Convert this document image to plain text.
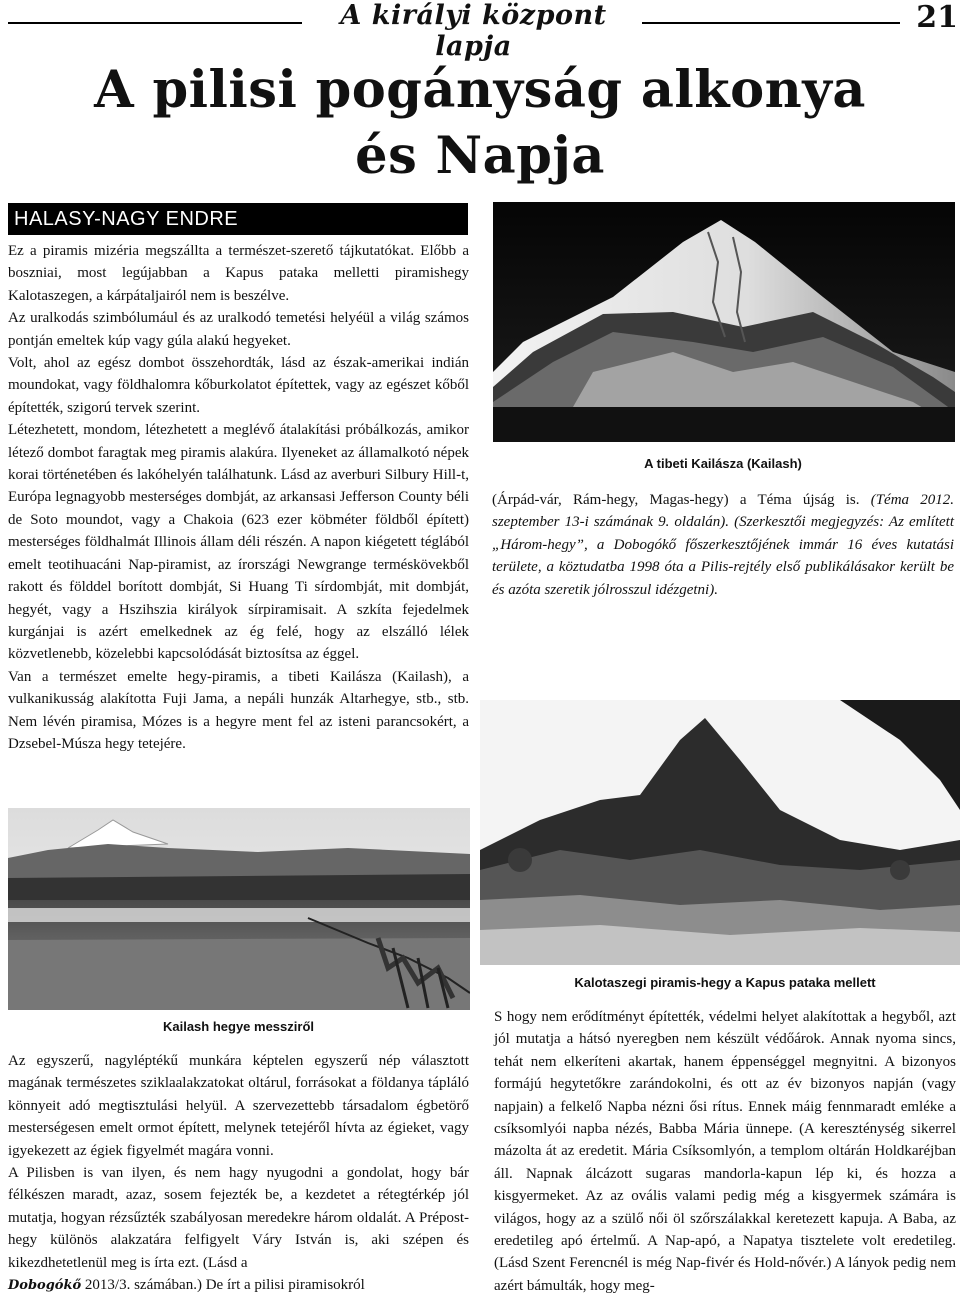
A királyi központ lapja
21
A pilisi pogányság alkonya
és Napja
HALASY-NAGY ENDRE

Ez a piramis mizéria megszállta a természet-szerető tájkutatókat. Előbb a boszniai, most legújabban a Kapus pataka melletti piramishegy Kalotaszegen, a kárpátaljairól nem is beszélve.

Az uralkodás szimbólumául és az uralkodó temetési helyéül a világ számos pontján emeltek kúp vagy gúla alakú hegyeket.

Volt, ahol az egész dombot összehordták, lásd az észak-amerikai indián moundokat, vagy földhalomra kőburkolatot építettek, vagy az egészet kőből építették, szigorú tervek szerint.

Létezhetett, mondom, létezhetett a meglévő átalakítási próbálkozás, amikor létező dombot faragtak meg piramis alakúra. Ilyeneket az államalkotó népek korai történetében és lakóhelyén találhatunk. Lásd az averburi Silbury Hill-t, Európa legnagyobb mesterséges dombját, az arkansasi Jefferson County béli de Soto moundot, vagy a Chakoia (623 ezer köbméter földből épített) mesterséges földhalmát Illinois állam déli részén. A napon kiégetett téglából emelt teotihuacáni Nap-piramist, az írországi Newgrange terméskövekből rakott és földdel borított dombját, Si Huang Ti sírdombját, mit dombját, hegyét, vagy a Hszihszia királyok sírpiramisait. A szkíta fejedelmek kurgánjai is azért emelkednek az ég felé, hogy az elszálló lélek közvetlenebb, közelebbi kapcsolódását biztosítsa az éggel.

Van a természet emelte hegy-piramis, a tibeti Kailásza (Kailash), a vulkanikusság alakította Fuji Jama, a nepáli hunzák Altarhegye, stb., stb. Nem lévén piramisa, Mózes is a hegyre ment fel az isteni parancsokért, a Dzsebel-Músza hegy tetejére.

A tibeti Kailásza (Kailash)
(Árpád-vár, Rám-hegy, Magas-hegy) a Téma újság is. (Téma 2012. szeptember 13-i számának 9. oldalán). (Szerkesztői megjegyzés: Az említett „Három-hegy”, a Dobogókő főszerkesztőjének immár 16 éves kutatási területe, a köztudatba 1998 óta a Pilis-rejtély első publikálásakor került be és azóta szeretik jólrosszul idézgetni).
Kalotaszegi piramis-hegy a Kapus pataka mellett
Kailash hegye messziről

Az egyszerű, nagyléptékű munkára képtelen egyszerű nép választott magának természetes sziklaalakzatokat oltárul, forrásokat a földanya tápláló könnyeit adó megtisztulási helyül. A szervezettebb társadalom égbetörő mesterségesen emelt ormot épített, melynek tetejéről hívta az égieket, vagy igyekezett az égiek figyelmét magára vonni.

A Pilisben is van ilyen, és nem hagy nyugodni a gondolat, hogy bár félkészen maradt, azaz, sosem fejezték be, a kezdetet a rétegtérkép jól mutatja, hogyan rézsűzték szabályosan meredekre három oldalát. A Prépost-hegy különös alakzatára felfigyelt Váry István is, aki szépen és kikezdhetetlenül meg is írta ezt. (Lásd a

Dobogókő 2013/3. számában.) De írt a pilisi piramisokról

S hogy nem erődítményt építették, védelmi helyet alakítottak a hegyből, azt jól mutatja a hátsó nyeregben nem készült védőárok. Annak nyoma sincs, tehát nem elkeríteni akartak, hanem éppenséggel megnyitni. A bizonyos formájú hegytetőkre zarándokolni, és ott az év bizonyos napján (vagy napjain) a felkelő Napba nézni ősi rítus. Ennek máig fennmaradt emléke a csíksomlyói napba nézés, Babba Mária ünnepe. (A kereszténység sikerrel mázolta át az eredetit. Mária Csíksomlyón, a templom oltárán Holdkaréjban áll. Napnak álcázott sugaras mandorla-kapun lép ki, és hozza a kisgyermeket. Az az ovális valami pedig még a kisgyermek számára is világos, hogy az a szülő női öl szőrszálakkal keretezett kapuja. A Baba, az eredetileg apó értelmű. A Nap-apó, a Napatya tisztelete volt eredetileg. (Lásd Szent Ferencnél is még Nap-fivér és Hold-nővér.) A lányok pedig nem azért bámulták, hogy meg-
